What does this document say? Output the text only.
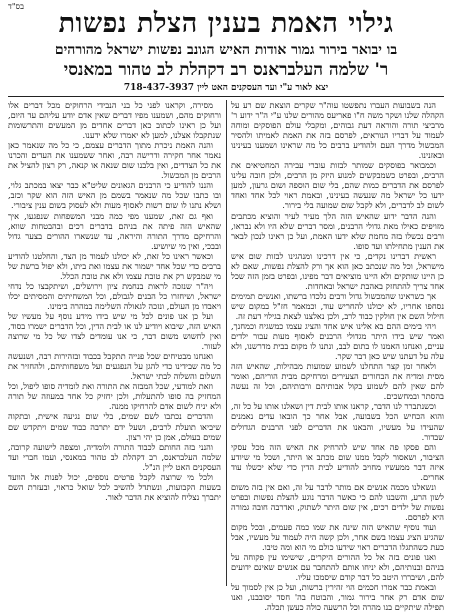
בס"ד
גילוי האמת בענין הצלת נפשות
בו יבואר בירור גמור אודות האיש הגונב נפשות ישראל מהורהים
ר' שלמה העלבראנס רב דקהלת לב טהור במאנסי
יצא לאור ע"י ועד העסקנים האט ליין 718-437-3937

הנה בשבועות העברו נתפשטו עוה"ר שקרים הוצאת שם רע על הקהלה שלנו ושקר משה ח"ו פאריעס מהורים שלנו ע"י ה"ר ידוע ר' מרביצי תורה והוראה דעת גבוהים, ומקבלי עולם הפוסקים ומוחה לעמוד על דבריו הנוראים, לפרסם בזה את האמת לאמיתו ולהסיר המכשול מדרך העם ולהודיע ברבים כל מה שראינו ושמענו בעינינו ובאזנינו.

וכמבואר בפוסקים שמותר לבזות עוברי עבירה המחטיאים את הרבים, ובפרט כשמבקשים למנוע היזק מן הרבים, ולכן חובה עלינו לפרסם את הדברים כמות שהם, בלי שום הוספה ושום גרעון, למען ידעו כל ישראל מה שנעשה בעינינו, ובאמת ראוי לכל אחד ואחד לשום לב לדברים, ולא לקבל שום שמועה בלי בירור.

והנה הדבר ידוע שהאיש הזה הלך מעיר לעיר והוציא מכתבים מזויפים כאילו מאת גדולי הרבנים, ומסר דברים שלא היו ולא נבראו, ורבים נכשלו בזה מחמת שלא ידעו האמת, ועל כן ראינו לנכון לבאר את הענין מתחילתו ועד סופו.

ראשית דברינו נקדים, כי אין דרכינו ומנהגינו לבזות שום איש מישראל, וכל מה שנכתב כאן הוא אך ורק להצלת נפשות, שאם לא כן היינו שותקים ולא היינו מוציאים דבר מפינו, ובפרט בזמן הזה שכל אחד צריך להתחזק באהבת ישראל ובאחדות.

אך כשראינו שהמכשול גדול ורבים נלכדו ברשתו, ואנשים תמימים נסחפו אחריו, לא יכולנו להחריש עוד, וכמאמר חז"ל במקום שיש חילול השם אין חולקין כבוד לרב, ולכן נאלצנו לצאת בגילוי דעת זה.

ויהי בימים ההם בא אלינו איש אחד והציג עצמו כמשגיח וכמחנך, ואמר שיש בידו היתר מגדולי הרבנים לאסוף מעות עבור ילדים עניים, ואנחנו האמנו לו בתום לבב, ונתנו לו מקום בבית מדרשנו, ולא עלה על דעתנו שיש כאן דבר שקר.

ולאחר זמן קצר התחלנו לשמוע שמועות מבהילות, שהאיש הזה מסית ומדיח את הבחורים הצעירים ומרחיקם מבית הוריהם, ואומר להם שאין להם לשמוע בקול אבותיהם ורבותיהם, וכל זה נעשה בהסתר ובמחשכים.

וכשנתברר לנו הדבר, קראנו אותו לבית דין ושאלנו אותו על כל זה, והוא הכחיש הכל בשבועה, אבל אחר כך הובאו עדים נאמנים שהעידו על מעשיו, והבאנו את הדברים לפני הרבנים הגדולים שבדור.

והם פסקו פה אחד שיש להרחיק את האיש הזה מכל עסקי הציבור, ושאסור לקבל ממנו שום מכתב או היתר, ושכל מי שיודע איזה דבר ממעשיו מחויב להודיע לבית הדין כדי שלא יכשלו עוד אחרים.

ונשאלנו מכמה אנשים אם מותר לדבר על זה, ואם אין בזה משום לשון הרע, והשבנו להם כי כאשר הדבר נוגע להצלת נפשות ובפרט נפשות של ילדים רכים, אין שום היתר לשתוק, ואדרבה חובה גמורה היא לפרסם.

ועוד נוסיף שהאיש הזה שינה את שמו כמה פעמים, ובכל מקום שהגיע הציג עצמו בשם אחר, ולכן קשה היה לעמוד על מעשיו, אבל כעת כשהתגלו הדברים ראוי שידעו כולם מי הוא ומה טיבו.

ואנו פונים בזה אל כל ההורים היקרים, שישימו עין פקוחה על בניהם ובנותיהם, ולא יניחו אותם להתחבר עם אנשים שאינם ידועים להם, ושיבררו היטב כל דבר קודם שיסמכו עליו.

ובאמת כבר אמרו חכמים הוי זהירין ברשות, ועל כן אין לסמוך על שום אדם רק אחר בירור גמור, והבוטח בה' חסד יסובבנו, ואנו תפילה שיתקיים בנו מהרה וכל הרשעה כולה כעשן תכלה.

מסירה, וקראנו לפני כל בני הנבידי הרחוקים מכל דברים אלו ורחוקים מהם, ושמענו מפיו דברים שאין אדם יודע עליהם עד היום, ועל כן ראינו לכתוב כאן דברים אחדים מן המעשים והתרשומות שנתקבלו אצלנו, למען לא יאמרו שלא ידענו.

והנה האמת ניכרת מתוך הדברים עצמם, כי כל מה שנאמר כאן נאמר אחר חקירה ודרישה רבה, ואחר ששמענו את העדים והכרנו את כל הצדדים, ואין בלבנו שום שנאה או קנאה, רק רצון להציל את הרבים מן המכשול.

והננו להודיע כי הרבנים הגאונים שליט"א כבר יצאו במכתב גלוי, ובו כתבו שכל מה שנאמר בשמם מן האיש הזה הוא שקר וכזב, ושלא נתנו לו שום רשות לאסוף מעות ולא לעסוק בשום ענין ציבורי.

ואף גם זאת, שמענו מפי כמה מבני המשפחות שנפגעו, איך שהאיש הזה פיתה את בניהם בדברים רכים ובהבטחות שווא, והרחיקם מדרך התורה והיראה, עד שנשארו ההורים בצער גדול ובבכי, ואין מי שיושיע.

וכאשר ראינו כל זאת, לא יכולנו לעמוד מן הצד, והחלטנו להודיע ברבים כדי שכל אחד ישמור את עצמו ואת ביתו, ולא יפול ברשת של מי שמבקש רק את טובת עצמו ולא את טובת הכלל.

ויה"ר שנזכה לראות בנחמת ציון וירושלים, ושיתקבצו כל נדחי ישראל, ושיחזרו כל הבנים לגבולם, וכל המשחיתים והמסיתים יכלו ויאבדו מן העולם, ונזכה לגאולה השלימה במהרה בימינו.

ועל כן אנו פונים לכל מי שיש בידו מידע נוסף על מעשיו של האיש הזה, שיבוא ויודיע לנו או לבית הדין, וכל הדברים ישמרו בסוד, ואין לחשוש משום דבר, כי אנו עומדים לצדו של כל מי שרוצה לעזור.

ואנחנו מבטיחים שכל פנייה תתקבל בכבוד ובזהירות רבה, ושנעשה כל מה שבידינו כדי להגן על הנפגעים ועל משפחותיהם, ולהחזיר את השלום והשלוה לבתי ישראל.

וזאת למודעי, שכל המבזה את התורה ואת לומדיה סופו ליפול, וכל המחזיק בה סופו להתעלות, ולכן יחזיק כל אחד במעוזה של תורה ולא יניח לשום אדם להרחיקו ממנה.

והדברים נכתבו לשם שמים, בלי שום נגיעה אישית, ובתקוה שיביאו תועלת לרבים, ושעל ידם יתרבה כבוד שמים ויתקדש שם שמים בעולם, אמן כן יהי רצון.

והנני בזה החותם לכבוד התורה ולומדיה, ומצפה לישועה קרובה, שלמה העלבראנס, רב דקהלת לב טהור במאנסי, ועמו חברי ועד העסקנים האט ליין הנ"ל.

ולכל מי שרוצה לקבל פרטים נוספים, יכול לפנות אל הוועד בשעות הקבועות, ונשתדל להשיב לכל שואל כראוי, ובעזרת השם יתברך נצליח להוציא את הדבר לאור.
